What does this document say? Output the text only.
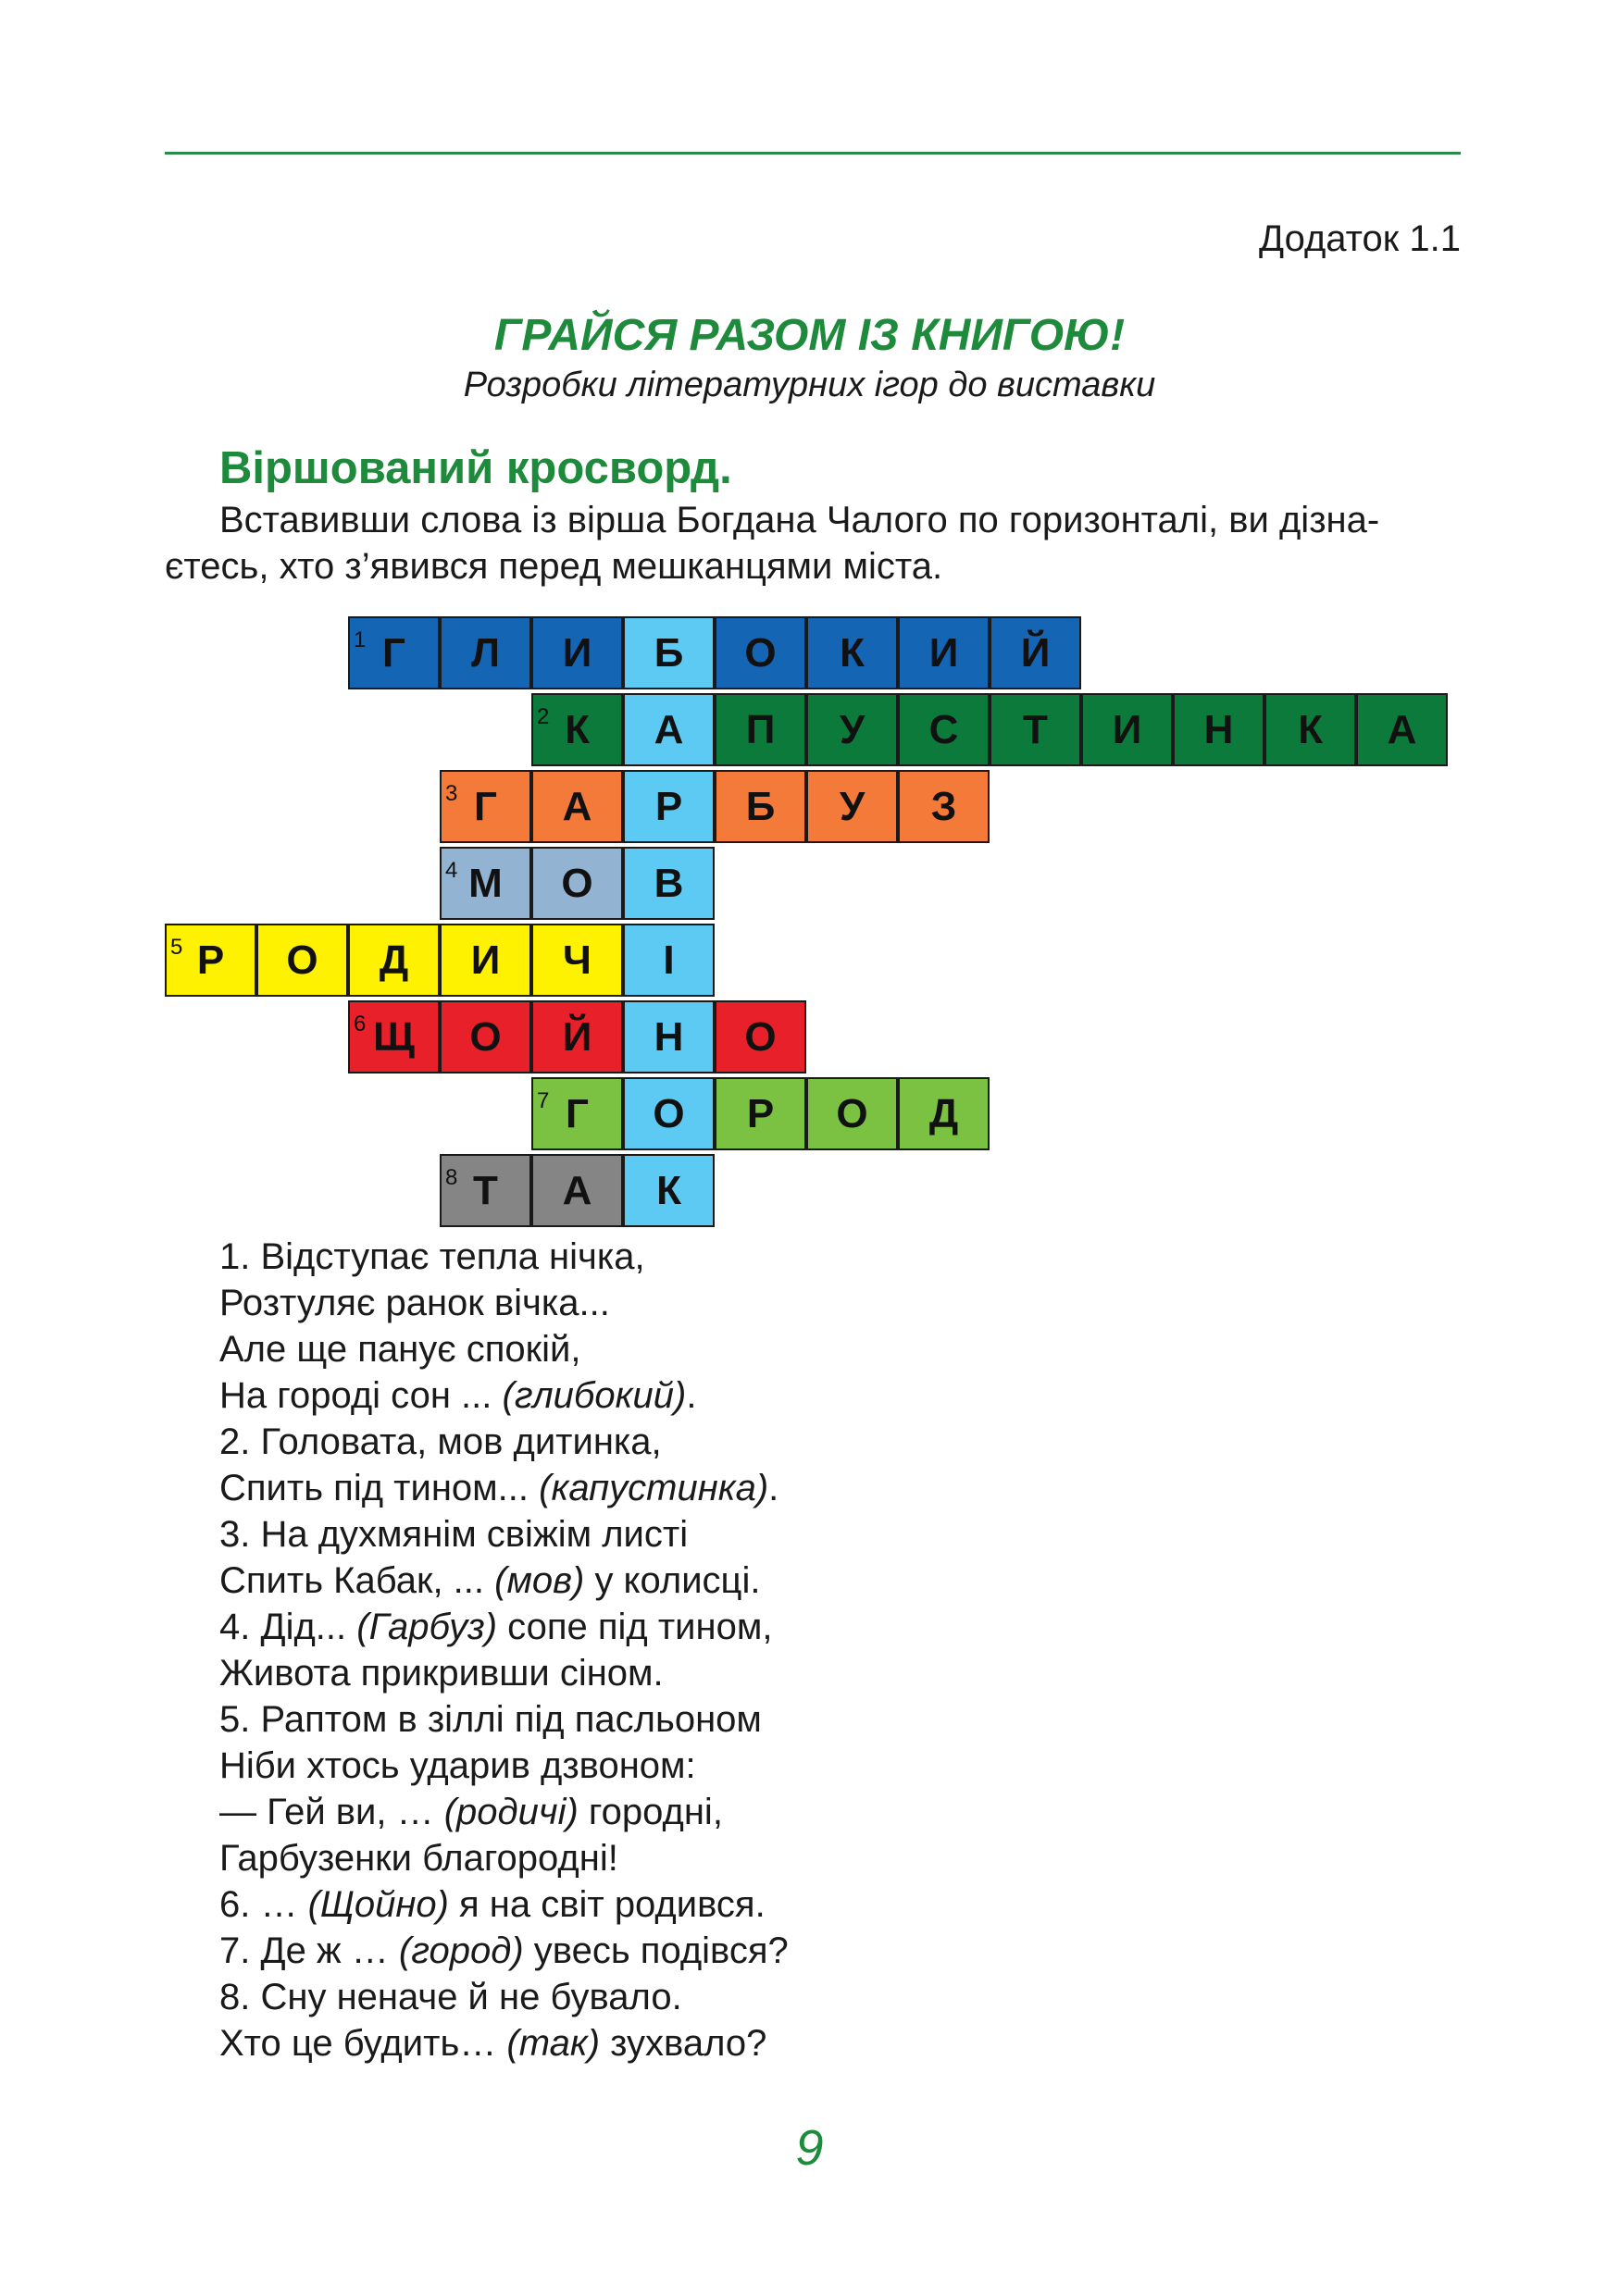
Додаток 1.1
ГРАЙСЯ РАЗОМ ІЗ КНИГОЮ!
Розробки літературних ігор до виставки
Віршований кросворд.
Вставивши слова із вірша Богдана Чалого по горизонталі, ви дізна-
єтесь, хто з’явився перед мешканцями міста.
1 Г Л И Б О К И Й
2 К А П У С Т И Н К А
3 Г А Р Б У З
4 М О В
5 Р О Д И Ч І
6 Щ О Й Н О
7 Г О Р О Д
8 Т А К
1. Відступає тепла нічка,
Розтуляє ранок вічка...
Але ще панує спокій,
На городі сон ... (глибокий).
2. Головата, мов дитинка,
Спить під тином... (капустинка).
3. На духмянім свіжім листі
Спить Кабак, ... (мов) у колисці.
4. Дід... (Гарбуз) сопе під тином,
Живота прикривши сіном.
5. Раптом в зіллі під пасльоном
Ніби хтось ударив дзвоном:
— Гей ви, … (родичі) городні,
Гарбузенки благородні!
6. … (Щойно) я на світ родився.
7. Де ж … (город) увесь подівся?
8. Сну неначе й не бувало.
Хто це будить… (так) зухвало?
9
